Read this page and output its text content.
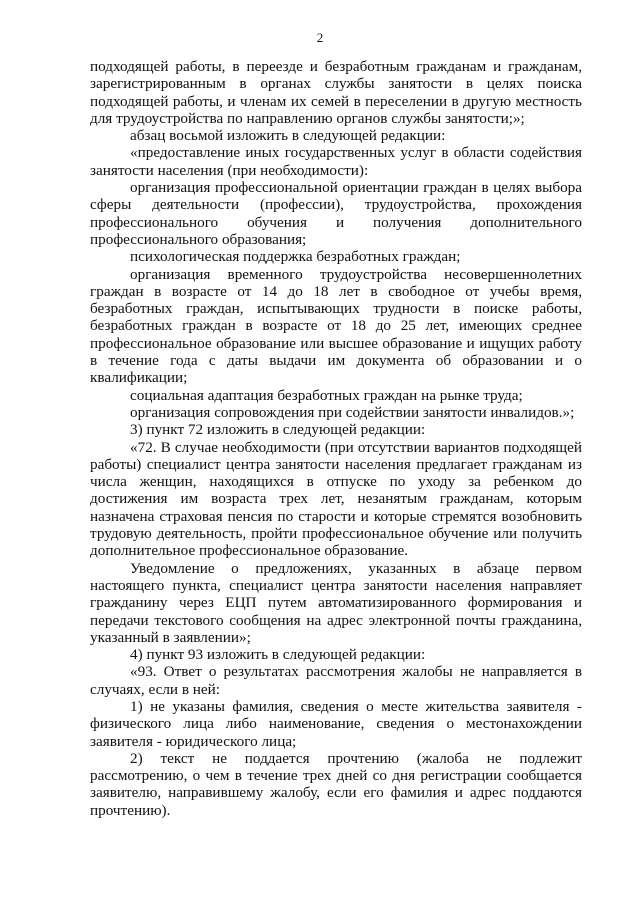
2

подходящей работы, в переезде и безработным гражданам и гражданам, зарегистрированным в органах службы занятости в целях поиска подходящей работы, и членам их семей в переселении в другую местность для трудоустройства по направлению органов службы занятости;»;

абзац восьмой изложить в следующей редакции:

«предоставление иных государственных услуг в области содействия занятости населения (при необходимости):

организация профессиональной ориентации граждан в целях выбора сферы деятельности (профессии), трудоустройства, прохождения профессионального обучения и получения дополнительного профессионального образования;

психологическая поддержка безработных граждан;

организация временного трудоустройства несовершеннолетних граждан в возрасте от 14 до 18 лет в свободное от учебы время, безработных граждан, испытывающих трудности в поиске работы, безработных граждан в возрасте от 18 до 25 лет, имеющих среднее профессиональное образование или высшее образование и ищущих работу в течение года с даты выдачи им документа об образовании и о квалификации;

социальная адаптация безработных граждан на рынке труда;

организация сопровождения при содействии занятости инвалидов.»;

3) пункт 72 изложить в следующей редакции:

«72. В случае необходимости (при отсутствии вариантов подходящей работы) специалист центра занятости населения предлагает гражданам из числа женщин, находящихся в отпуске по уходу за ребенком до достижения им возраста трех лет, незанятым гражданам, которым назначена страховая пенсия по старости и которые стремятся возобновить трудовую деятельность, пройти профессиональное обучение или получить дополнительное профессиональное образование.

Уведомление о предложениях, указанных в абзаце первом настоящего пункта, специалист центра занятости населения направляет гражданину через ЕЦП путем автоматизированного формирования и передачи текстового сообщения на адрес электронной почты гражданина, указанный в заявлении»;

4) пункт 93 изложить в следующей редакции:

«93. Ответ о результатах рассмотрения жалобы не направляется в случаях, если в ней:

1) не указаны фамилия, сведения о месте жительства заявителя - физического лица либо наименование, сведения о местонахождении заявителя - юридического лица;

2) текст не поддается прочтению (жалоба не подлежит рассмотрению, о чем в течение трех дней со дня регистрации сообщается заявителю, направившему жалобу, если его фамилия и адрес поддаются прочтению).
